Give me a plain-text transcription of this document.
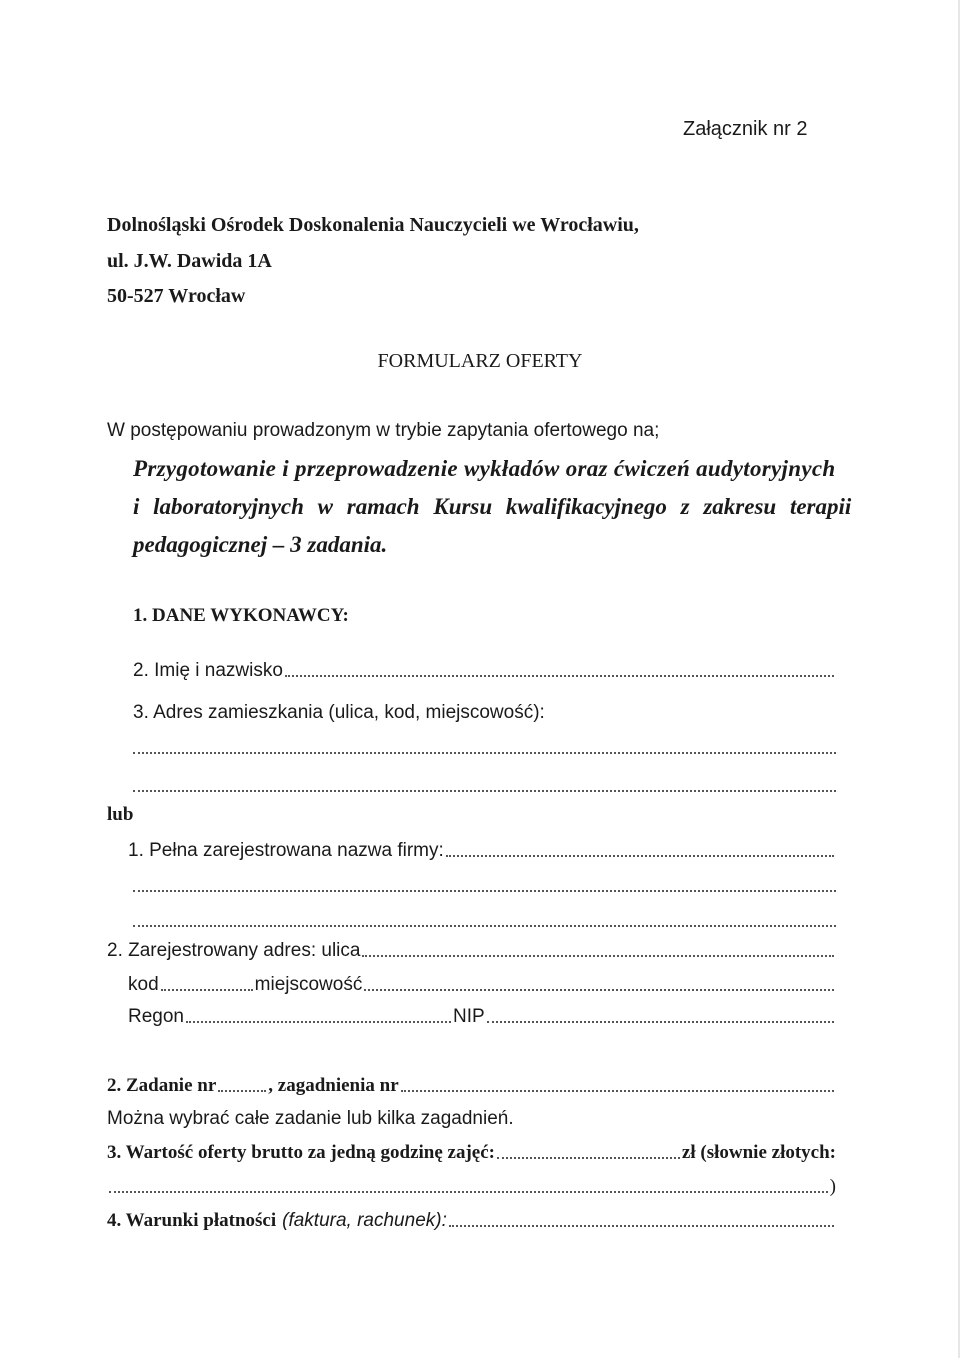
Załącznik nr 2
Dolnośląski Ośrodek Doskonalenia Nauczycieli we Wrocławiu,
ul. J.W. Dawida 1A
50-527 Wrocław
FORMULARZ OFERTY
W postępowaniu prowadzonym w trybie zapytania ofertowego na;
Przygotowanie i przeprowadzenie wykładów oraz ćwiczeń audytoryjnych
i laboratoryjnych w ramach Kursu kwalifikacyjnego z zakresu terapii
pedagogicznej – 3 zadania.
1. DANE WYKONAWCY:
2. Imię i nazwisko
3. Adres zamieszkania (ulica, kod, miejscowość):
lub
1. Pełna zarejestrowana nazwa firmy:
2. Zarejestrowany adres: ulica
kod	miejscowość
Regon	NIP
2. Zadanie nr	, zagadnienia nr
Można wybrać całe zadanie lub kilka zagadnień.
3. Wartość oferty brutto za jedną godzinę zajęć:	zł (słownie złotych:
)
4. Warunki płatności (faktura, rachunek):
